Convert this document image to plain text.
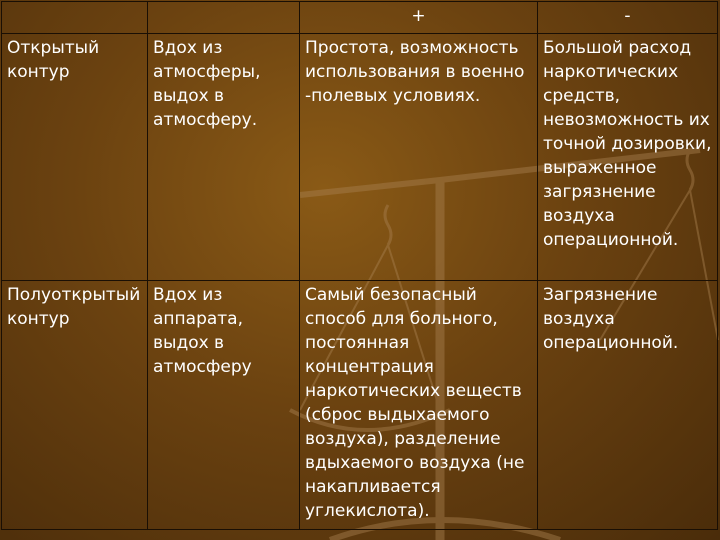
		+	-
Открытый контур	Вдох из атмосферы, выдох в атмосферу.	Простота, возможность использования в военно -полевых условиях.	Большой расход наркотических средств, невозможность их точной дозировки, выраженное загрязнение воздуха операционной.
Полуоткрытый контур	Вдох из аппарата, выдох в атмосферу	Самый безопасный способ для больного, постоянная концентрация наркотических веществ (сброс выдыхаемого воздуха), разделение вдыхаемого воздуха (не накапливается углекислота).	Загрязнение воздуха операционной.
